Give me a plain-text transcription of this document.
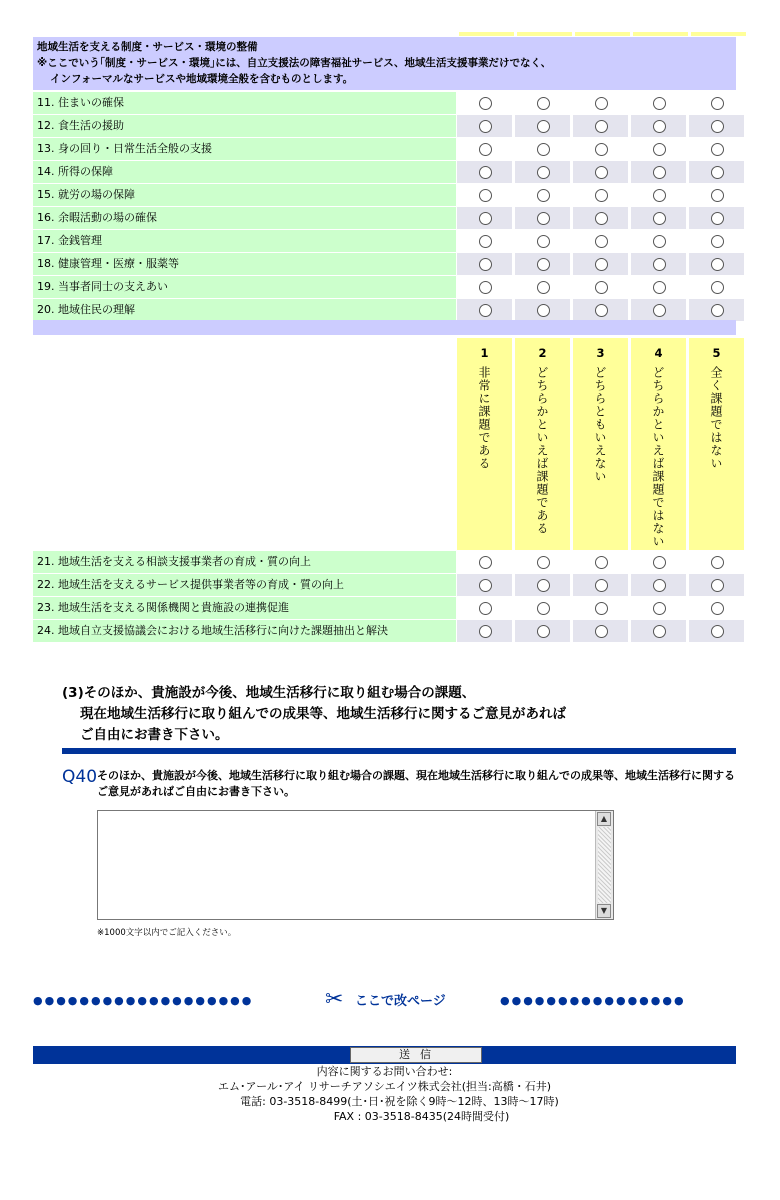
地域生活を支える制度・サービス・環境の整備
※ここでいう｢制度・サービス・環境｣には、自立支援法の障害福祉サービス、地域生活支援事業だけでなく、
インフォーマルなサービスや地域環境全般を含むものとします。
11. 住まいの確保
12. 食生活の援助
13. 身の回り・日常生活全般の支援
14. 所得の保障
15. 就労の場の保障
16. 余暇活動の場の確保
17. 金銭管理
18. 健康管理・医療・服薬等
19. 当事者同士の支えあい
20. 地域住民の理解
1
非常に課題である
2
どちらかといえば課題である
3
どちらともいえない
4
どちらかといえば課題ではない
5
全く課題ではない
21. 地域生活を支える相談支援事業者の育成・質の向上
22. 地域生活を支えるサービス提供事業者等の育成・質の向上
23. 地域生活を支える関係機関と貴施設の連携促進
24. 地域自立支援協議会における地域生活移行に向けた課題抽出と解決
(3)そのほか、貴施設が今後、地域生活移行に取り組む場合の課題、
現在地域生活移行に取り組んでの成果等、地域生活移行に関するご意見があれば
ご自由にお書き下さい。
Q40 そのほか、貴施設が今後、地域生活移行に取り組む場合の課題、現在地域生活移行に取り組んでの成果等、地域生活移行に関するご意見があればご自由にお書き下さい。
▲
▼
※1000文字以内でご記入ください。
●●●●●●●●●●●●●●●●●●●	✂ ここで改ページ	●●●●●●●●●●●●●●●●
送信
内容に関するお問い合わせ:
エム･アール･アイ リサーチアソシエイツ株式会社(担当:高橋・石井)
電話: 03-3518-8499(土･日･祝を除く9時～12時、13時～17時)
FAX : 03-3518-8435(24時間受付)
